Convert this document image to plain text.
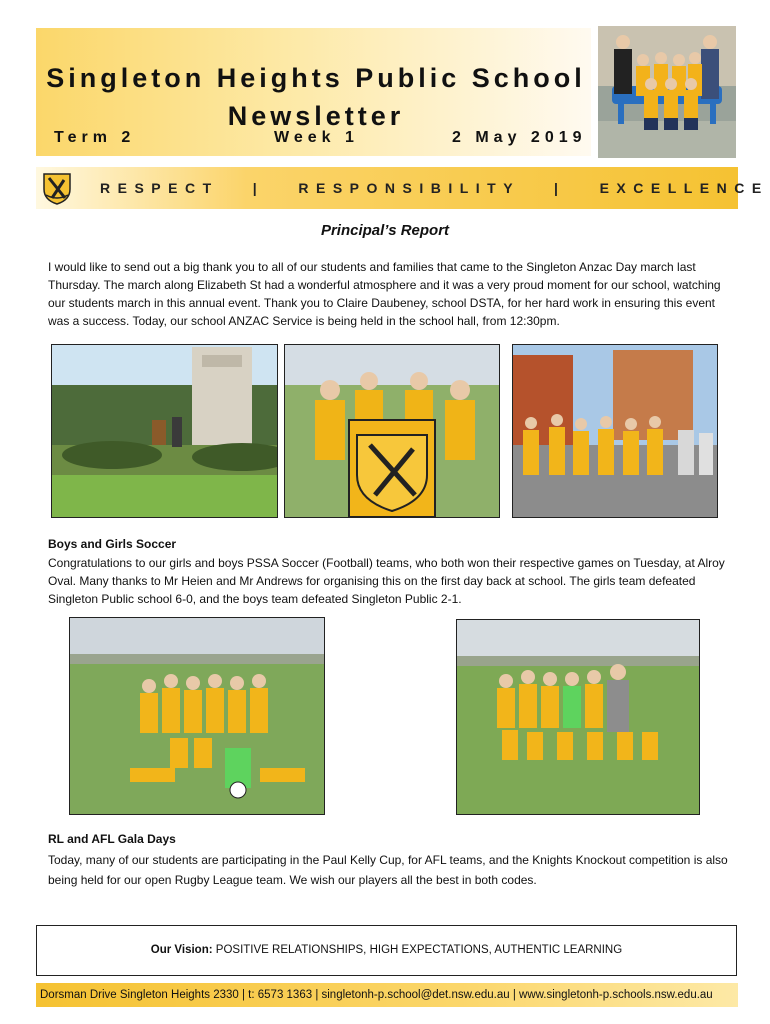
Singleton Heights Public School
Newsletter
Term 2	Week 1	2 May 2019
RESPECT   |   RESPONSIBILITY   |   EXCELLENCE
Principal’s Report

I would like to send out a big thank you to all of our students and families that came to the Singleton Anzac Day march last Thursday. The march along Elizabeth St had a wonderful atmosphere and it was a very proud moment for our school, watching our students march in this annual event. Thank you to Claire Daubeney, school DSTA, for her hard work in ensuring this event was a success. Today, our school ANZAC Service is being held in the school hall, from 12:30pm.

Boys and Girls Soccer

Congratulations to our girls and boys PSSA Soccer (Football) teams, who both won their respective games on Tuesday, at Alroy Oval. Many thanks to Mr Heien and Mr Andrews for organising this on the first day back at school. The girls team defeated Singleton Public school 6-0, and the boys team defeated Singleton Public 2-1.

RL and AFL Gala Days

Today, many of our students are participating in the Paul Kelly Cup, for AFL teams, and the Knights Knockout competition is also being held for our open Rugby League team. We wish our players all the best in both codes.

Our Vision: POSITIVE RELATIONSHIPS, HIGH EXPECTATIONS, AUTHENTIC LEARNING
Dorsman Drive Singleton Heights 2330 | t: 6573 1363 | singletonh-p.school@det.nsw.edu.au | www.singletonh-p.schools.nsw.edu.au
